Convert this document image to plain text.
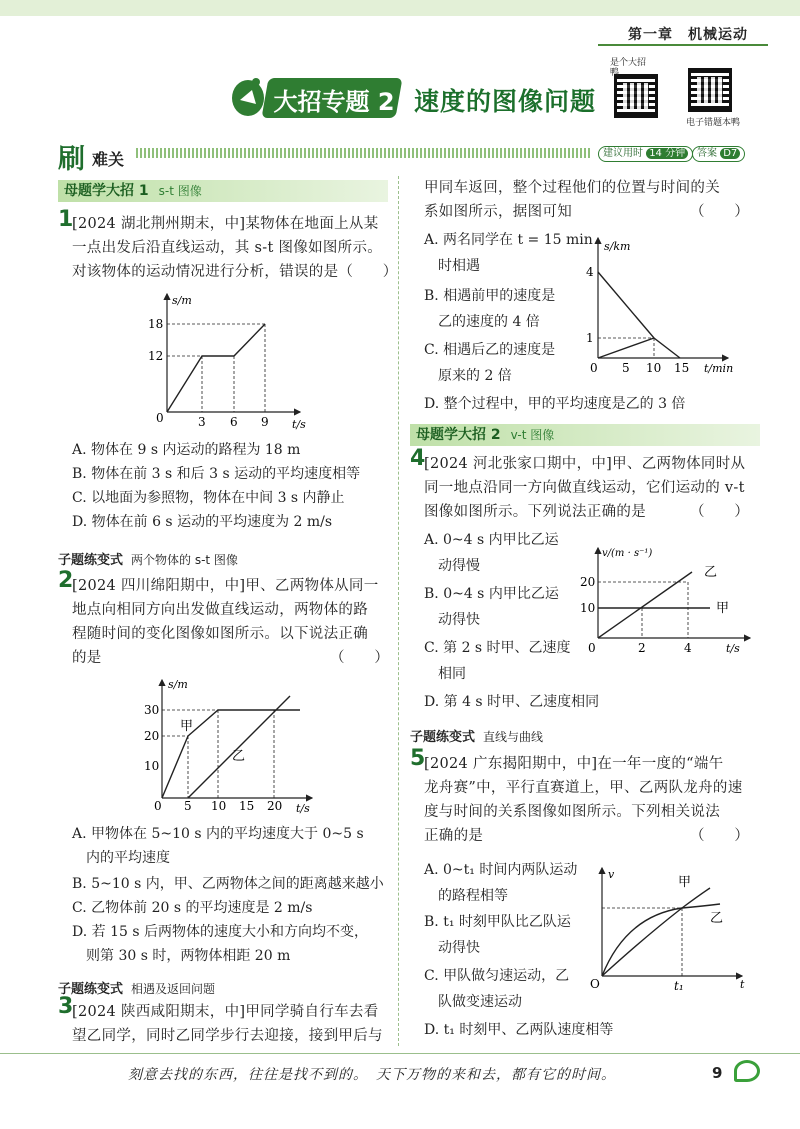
第一章　机械运动
大招专题 2 速度的图像问题
是个大招鸭
电子错题本鸭
刷 难关	建议用时 14 分钟	答案 D7
母题学大招 1 s-t 图像
1
[2024 湖北荆州期末，中]某物体在地面上从某
一点出发后沿直线运动，其 s-t 图像如图所示。
对该物体的运动情况进行分析，错误的是（　　）
s/m
t/s
0
12
18
3 6 9
A. 物体在 9 s 内运动的路程为 18 m
B. 物体在前 3 s 和后 3 s 运动的平均速度相等
C. 以地面为参照物，物体在中间 3 s 内静止
D. 物体在前 6 s 运动的平均速度为 2 m/s
子题练变式 两个物体的 s-t 图像
2
[2024 四川绵阳期中，中]甲、乙两物体从同一
地点向相同方向出发做直线运动，两物体的路
程随时间的变化图像如图所示。以下说法正确
的是	（　　）
s/m
t/s
0
10
20
30
5 10 15 20
甲
乙
A. 甲物体在 5~10 s 内的平均速度大于 0~5 s
　内的平均速度
B. 5~10 s 内，甲、乙两物体之间的距离越来越小
C. 乙物体前 20 s 的平均速度是 2 m/s
D. 若 15 s 后两物体的速度大小和方向均不变，
　则第 30 s 时，两物体相距 20 m
子题练变式 相遇及返回问题
3
[2024 陕西咸阳期末，中]甲同学骑自行车去看
望乙同学，同时乙同学步行去迎接，接到甲后与
甲同车返回，整个过程他们的位置与时间的关
系如图所示，据图可知	（　　）
A. 两名同学在 t = 15 min
　时相遇
B. 相遇前甲的速度是
　乙的速度的 4 倍
C. 相遇后乙的速度是
　原来的 2 倍
D. 整个过程中，甲的平均速度是乙的 3 倍
s/km
t/min
0
1
4
5 10 15
母题学大招 2 v-t 图像
4
[2024 河北张家口期中，中]甲、乙两物体同时从
同一地点沿同一方向做直线运动，它们运动的 v-t
图像如图所示。下列说法正确的是	（　　）
A. 0~4 s 内甲比乙运
　动得慢
B. 0~4 s 内甲比乙运
　动得快
C. 第 2 s 时甲、乙速度
　相同
D. 第 4 s 时甲、乙速度相同
v/(m · s⁻¹)
t/s
0
10
20
2	4
甲
乙
子题练变式 直线与曲线
5
[2024 广东揭阳期中，中]在一年一度的“端午
龙舟赛”中，平行直赛道上，甲、乙两队龙舟的速
度与时间的关系图像如图所示。下列相关说法
正确的是	（　　）
A. 0~t₁ 时间内两队运动
　的路程相等
B. t₁ 时刻甲队比乙队运
　动得快
C. 甲队做匀速运动，乙
　队做变速运动
D. t₁ 时刻甲、乙两队速度相等
v
t
O	t₁
甲
乙
刻意去找的东西，往往是找不到的。　天下万物的来和去，都有它的时间。	9
